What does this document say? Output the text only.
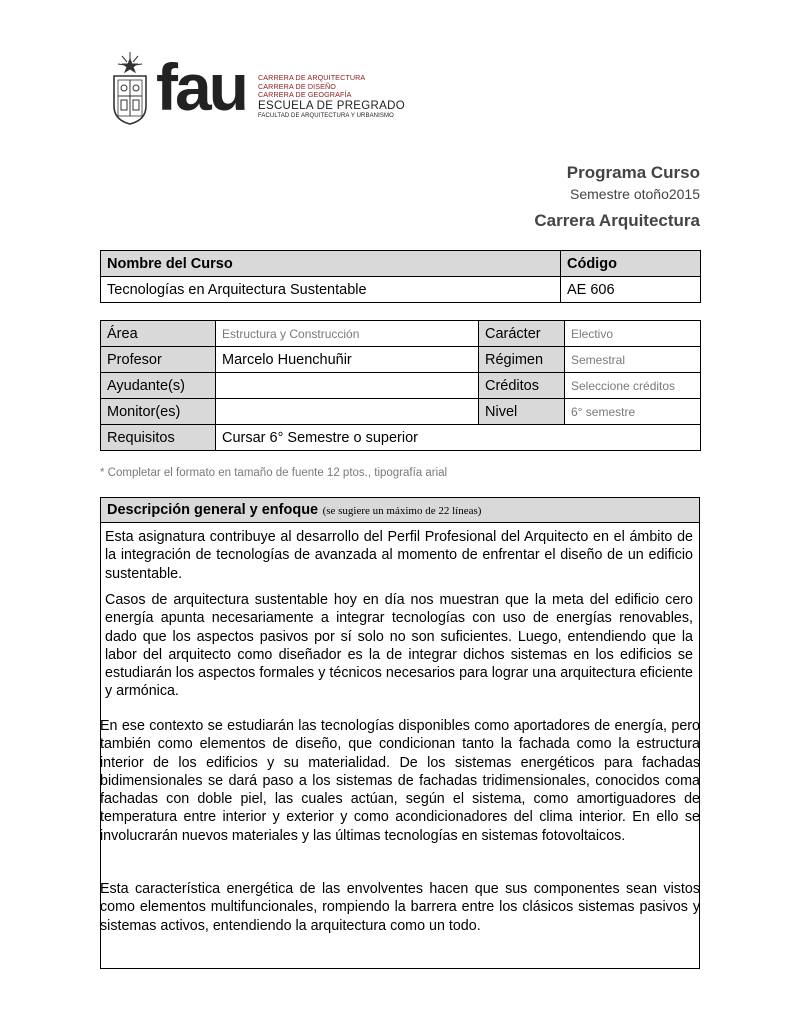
fau CARRERA DE ARQUITECTURA
CARRERA DE DISEÑO
CARRERA DE GEOGRAFÍA
ESCUELA DE PREGRADO
FACULTAD DE ARQUITECTURA Y URBANISMO
Programa Curso
Semestre otoño2015
Carrera Arquitectura
Nombre del Curso	Código
Tecnologías en Arquitectura Sustentable	AE 606
Área	Estructura y Construcción	Carácter	Electivo
Profesor	Marcelo Huenchuñir	Régimen	Semestral
Ayudante(s)		Créditos	Seleccione créditos
Monitor(es)		Nivel	6° semestre
Requisitos	Cursar 6° Semestre o superior		
* Completar el formato en tamaño de fuente 12 ptos., tipografía arial
Descripción general y enfoque (se sugiere un máximo de 22 líneas)
Esta asignatura contribuye al desarrollo del Perfil Profesional del Arquitecto en el ámbito de la integración de tecnologías de avanzada al momento de enfrentar el diseño de un edificio sustentable.
Casos de arquitectura sustentable hoy en día nos muestran que la meta del edificio cero energía apunta necesariamente a integrar tecnologías con uso de energías renovables, dado que los aspectos pasivos por sí solo no son suficientes. Luego, entendiendo que la labor del arquitecto como diseñador es la de integrar dichos sistemas en los edificios se estudiarán los aspectos formales y técnicos necesarios para lograr una arquitectura eficiente y armónica.
En ese contexto se estudiarán las tecnologías disponibles como aportadores de energía, pero también como elementos de diseño, que condicionan tanto la fachada como la estructura interior de los edificios y su materialidad. De los sistemas energéticos para fachadas bidimensionales se dará paso a los sistemas de fachadas tridimensionales, conocidos coma fachadas con doble piel, las cuales actúan, según el sistema, como amortiguadores de temperatura entre interior y exterior y como acondicionadores del clima interior. En ello se involucrarán nuevos materiales y las últimas tecnologías en sistemas fotovoltaicos.
Esta característica energética de las envolventes hacen que sus componentes sean vistos como elementos multifuncionales, rompiendo la barrera entre los clásicos sistemas pasivos y sistemas activos, entendiendo la arquitectura como un todo.
